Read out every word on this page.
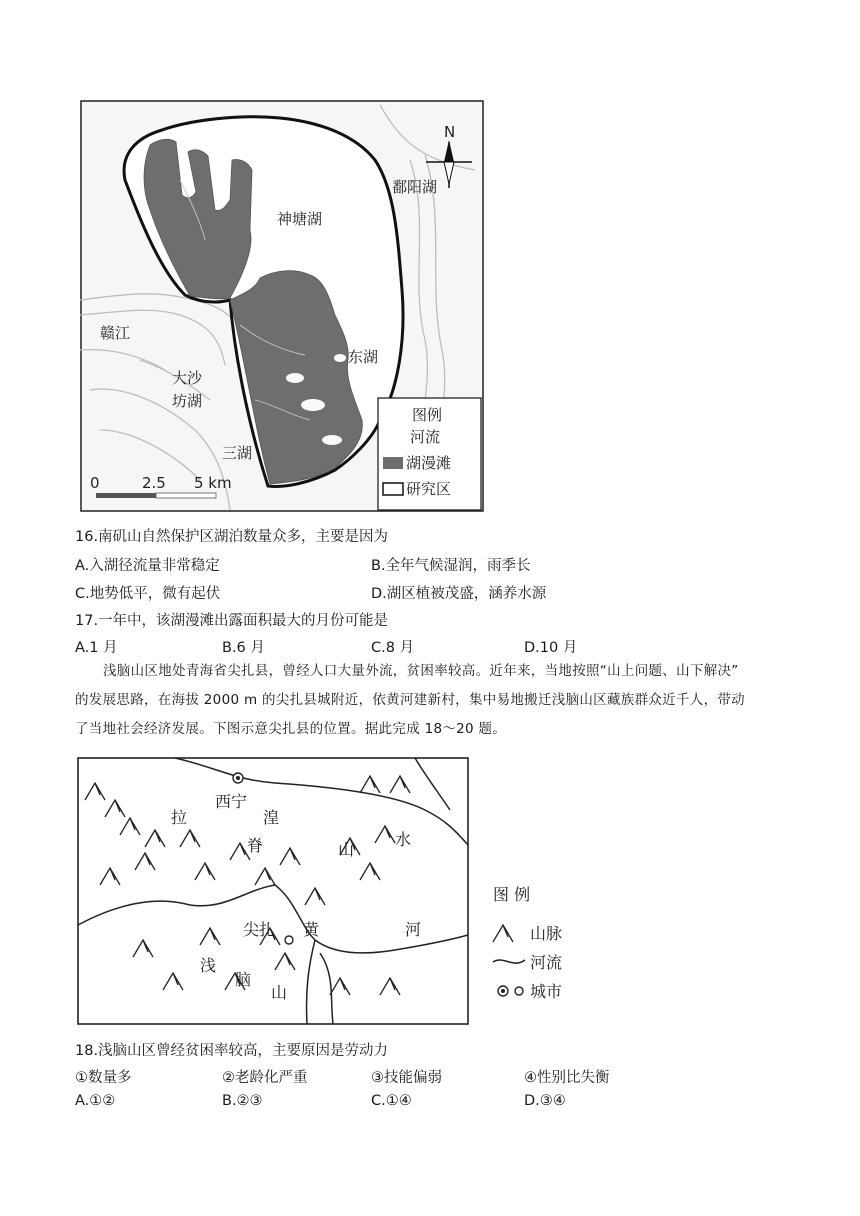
N
鄱阳湖
神塘湖
赣江
东湖
大沙
坊湖
三湖
0	2.5 5 km
图例
河流
湖漫滩
研究区
16.南矶山自然保护区湖泊数量众多，主要是因为
A.入湖径流量非常稳定	B.全年气候湿润，雨季长
C.地势低平，微有起伏	D.湖区植被茂盛，涵养水源
17.一年中，该湖漫滩出露面积最大的月份可能是
A.1 月	B.6 月	C.8 月	D.10 月
浅脑山区地处青海省尖扎县，曾经人口大量外流，贫困率较高。近年来，当地按照“山上问题、山下解决”
的发展思路，在海拔 2000 m 的尖扎县城附近，依黄河建新村，集中易地搬迁浅脑山区藏族群众近千人，带动
了当地社会经济发展。下图示意尖扎县的位置。据此完成 18～20 题。
西宁
湟
拉
脊	山
水
尖扎 黄	河
浅
脑
山
图 例
山脉
河流
城市
18.浅脑山区曾经贫困率较高，主要原因是劳动力
①数量多	②老龄化严重	③技能偏弱	④性别比失衡
A.①②	B.②③	C.①④	D.③④
